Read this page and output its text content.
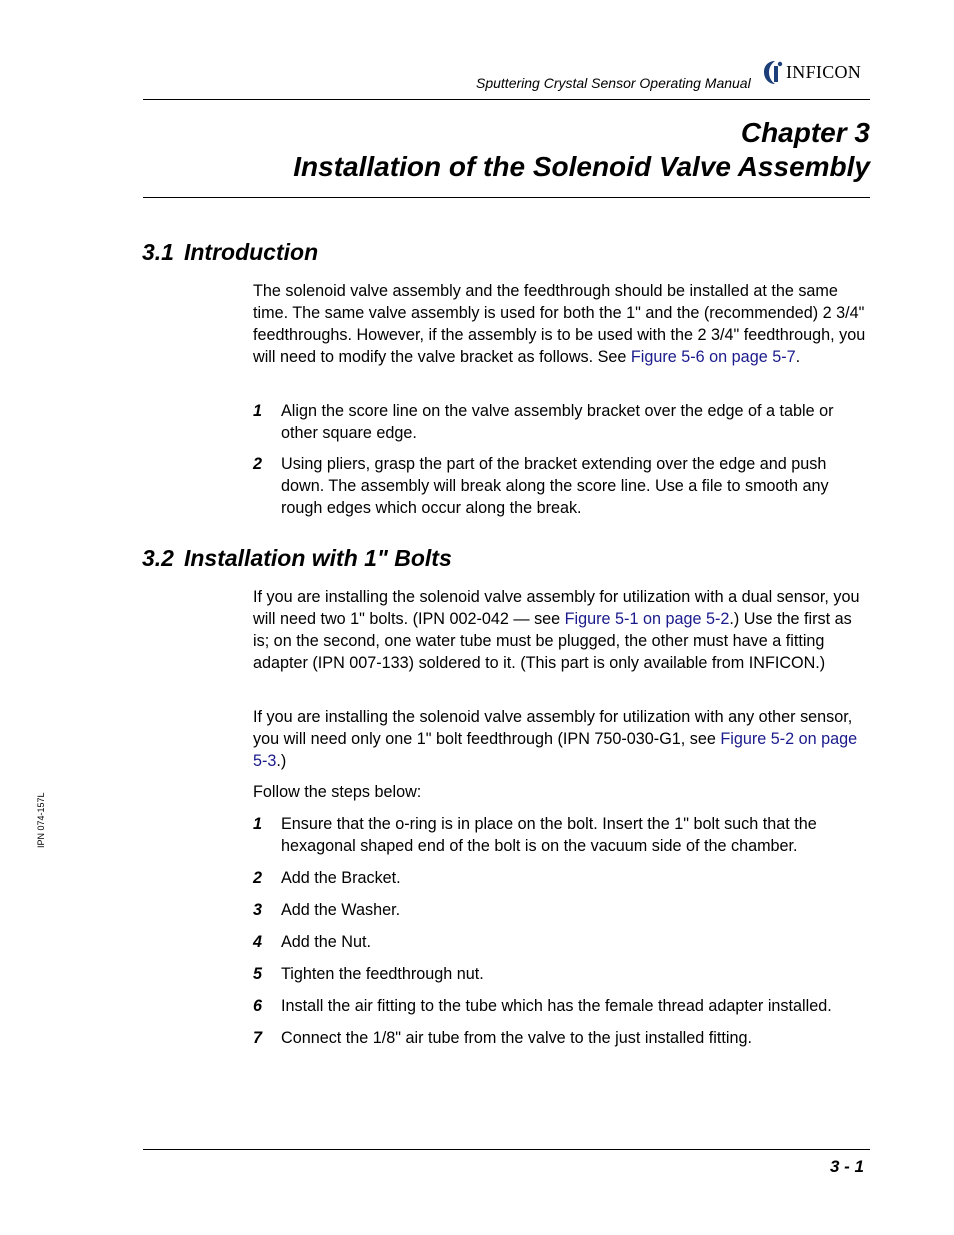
Sputtering Crystal Sensor Operating Manual
INFICON
Chapter 3
Installation of the Solenoid Valve Assembly
3.1 Introduction
The solenoid valve assembly and the feedthrough should be installed at the same time. The same valve assembly is used for both the 1" and the (recommended) 2 3/4" feedthroughs. However, if the assembly is to be used with the 2 3/4" feedthrough, you will need to modify the valve bracket as follows. See Figure 5-6 on page 5-7.
1 Align the score line on the valve assembly bracket over the edge of a table or other square edge.
2 Using pliers, grasp the part of the bracket extending over the edge and push down. The assembly will break along the score line. Use a file to smooth any rough edges which occur along the break.
3.2 Installation with 1" Bolts
If you are installing the solenoid valve assembly for utilization with a dual sensor, you will need two 1" bolts. (IPN 002-042 — see Figure 5-1 on page 5-2.) Use the first as is; on the second, one water tube must be plugged, the other must have a fitting adapter (IPN 007-133) soldered to it. (This part is only available from INFICON.)
If you are installing the solenoid valve assembly for utilization with any other sensor, you will need only one 1" bolt feedthrough (IPN 750-030-G1, see Figure 5-2 on page 5-3.)
Follow the steps below:
1 Ensure that the o-ring is in place on the bolt. Insert the 1" bolt such that the hexagonal shaped end of the bolt is on the vacuum side of the chamber.
2 Add the Bracket.
3 Add the Washer.
4 Add the Nut.
5 Tighten the feedthrough nut.
6 Install the air fitting to the tube which has the female thread adapter installed.
7 Connect the 1/8" air tube from the valve to the just installed fitting.
IPN 074-157L
3 - 1
